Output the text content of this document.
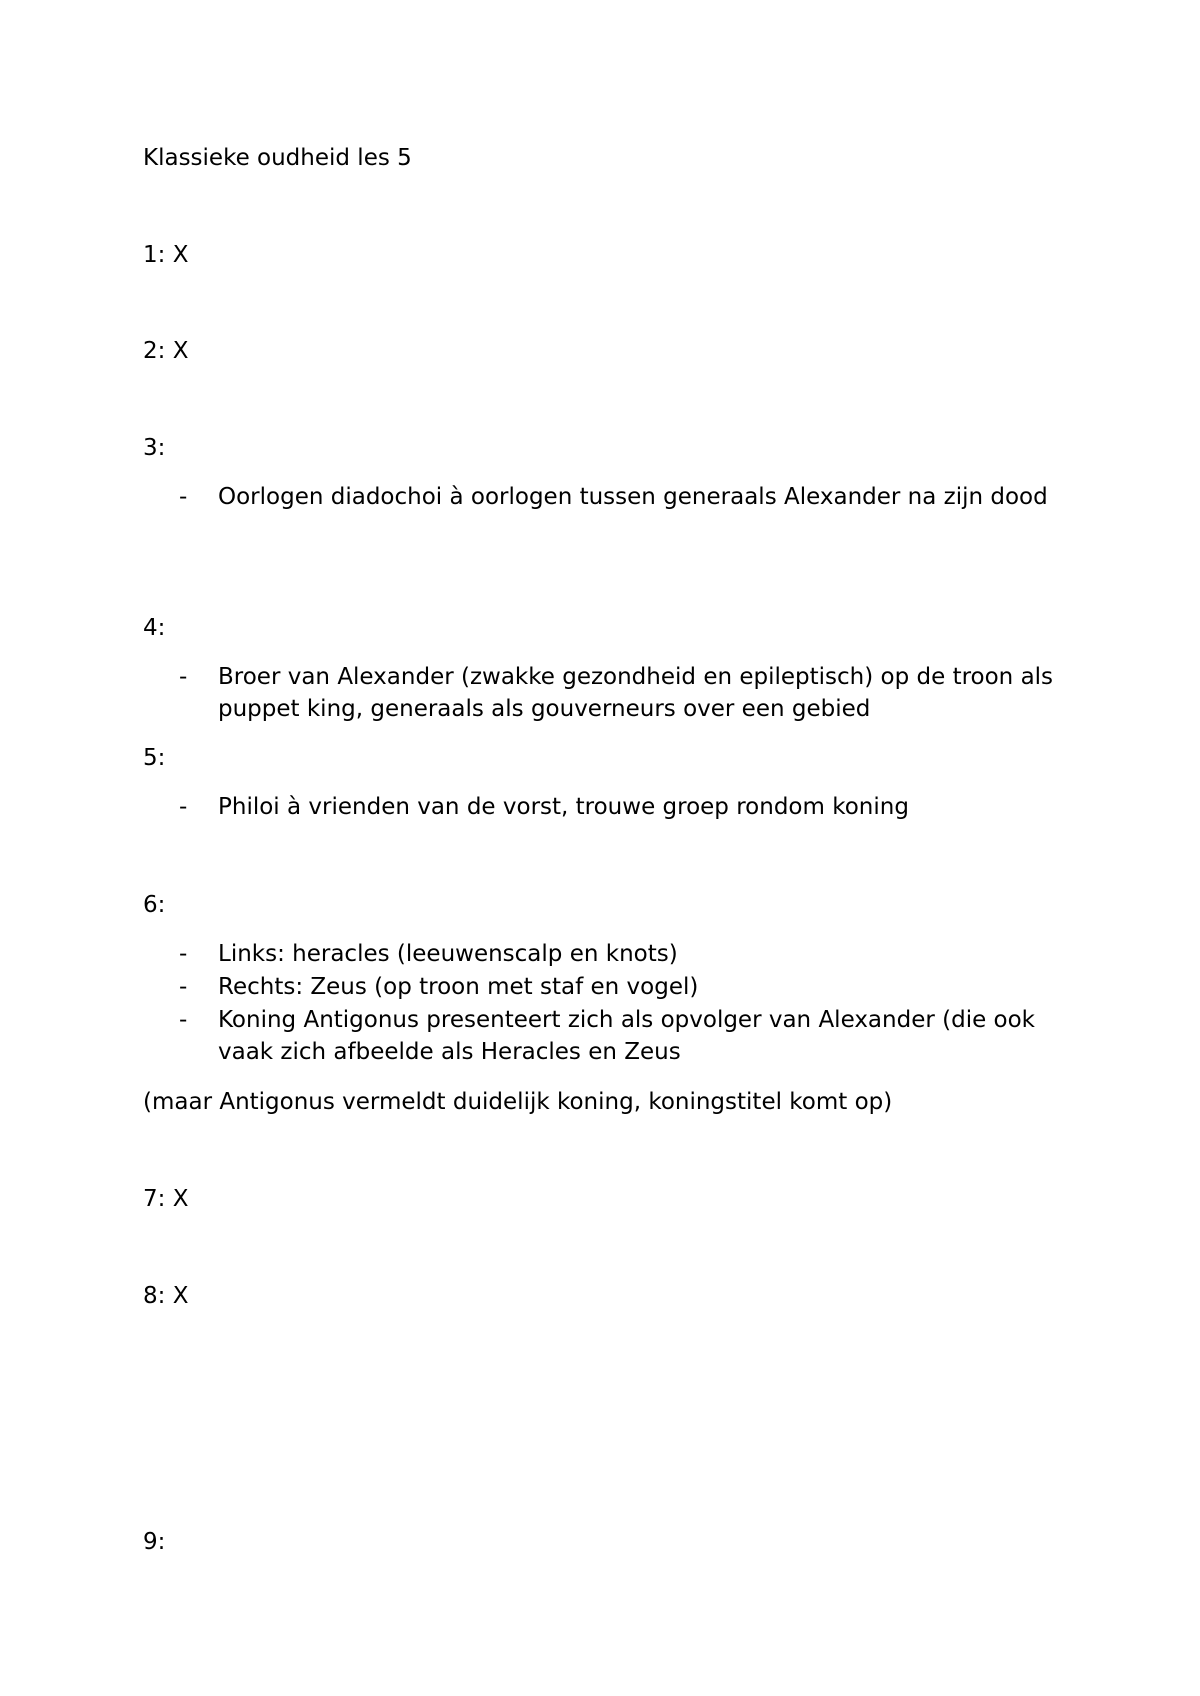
Klassieke oudheid les 5
1: X
2: X
3:
- Oorlogen diadochoi à oorlogen tussen generaals Alexander na zijn dood
4:
- Broer van Alexander (zwakke gezondheid en epileptisch) op de troon als puppet king, generaals als gouverneurs over een gebied
5:
- Philoi à vrienden van de vorst, trouwe groep rondom koning
6:
- Links: heracles (leeuwenscalp en knots)
- Rechts: Zeus (op troon met staf en vogel)
- Koning Antigonus presenteert zich als opvolger van Alexander (die ook vaak zich afbeelde als Heracles en Zeus
(maar Antigonus vermeldt duidelijk koning, koningstitel komt op)
7: X
8: X
9:
